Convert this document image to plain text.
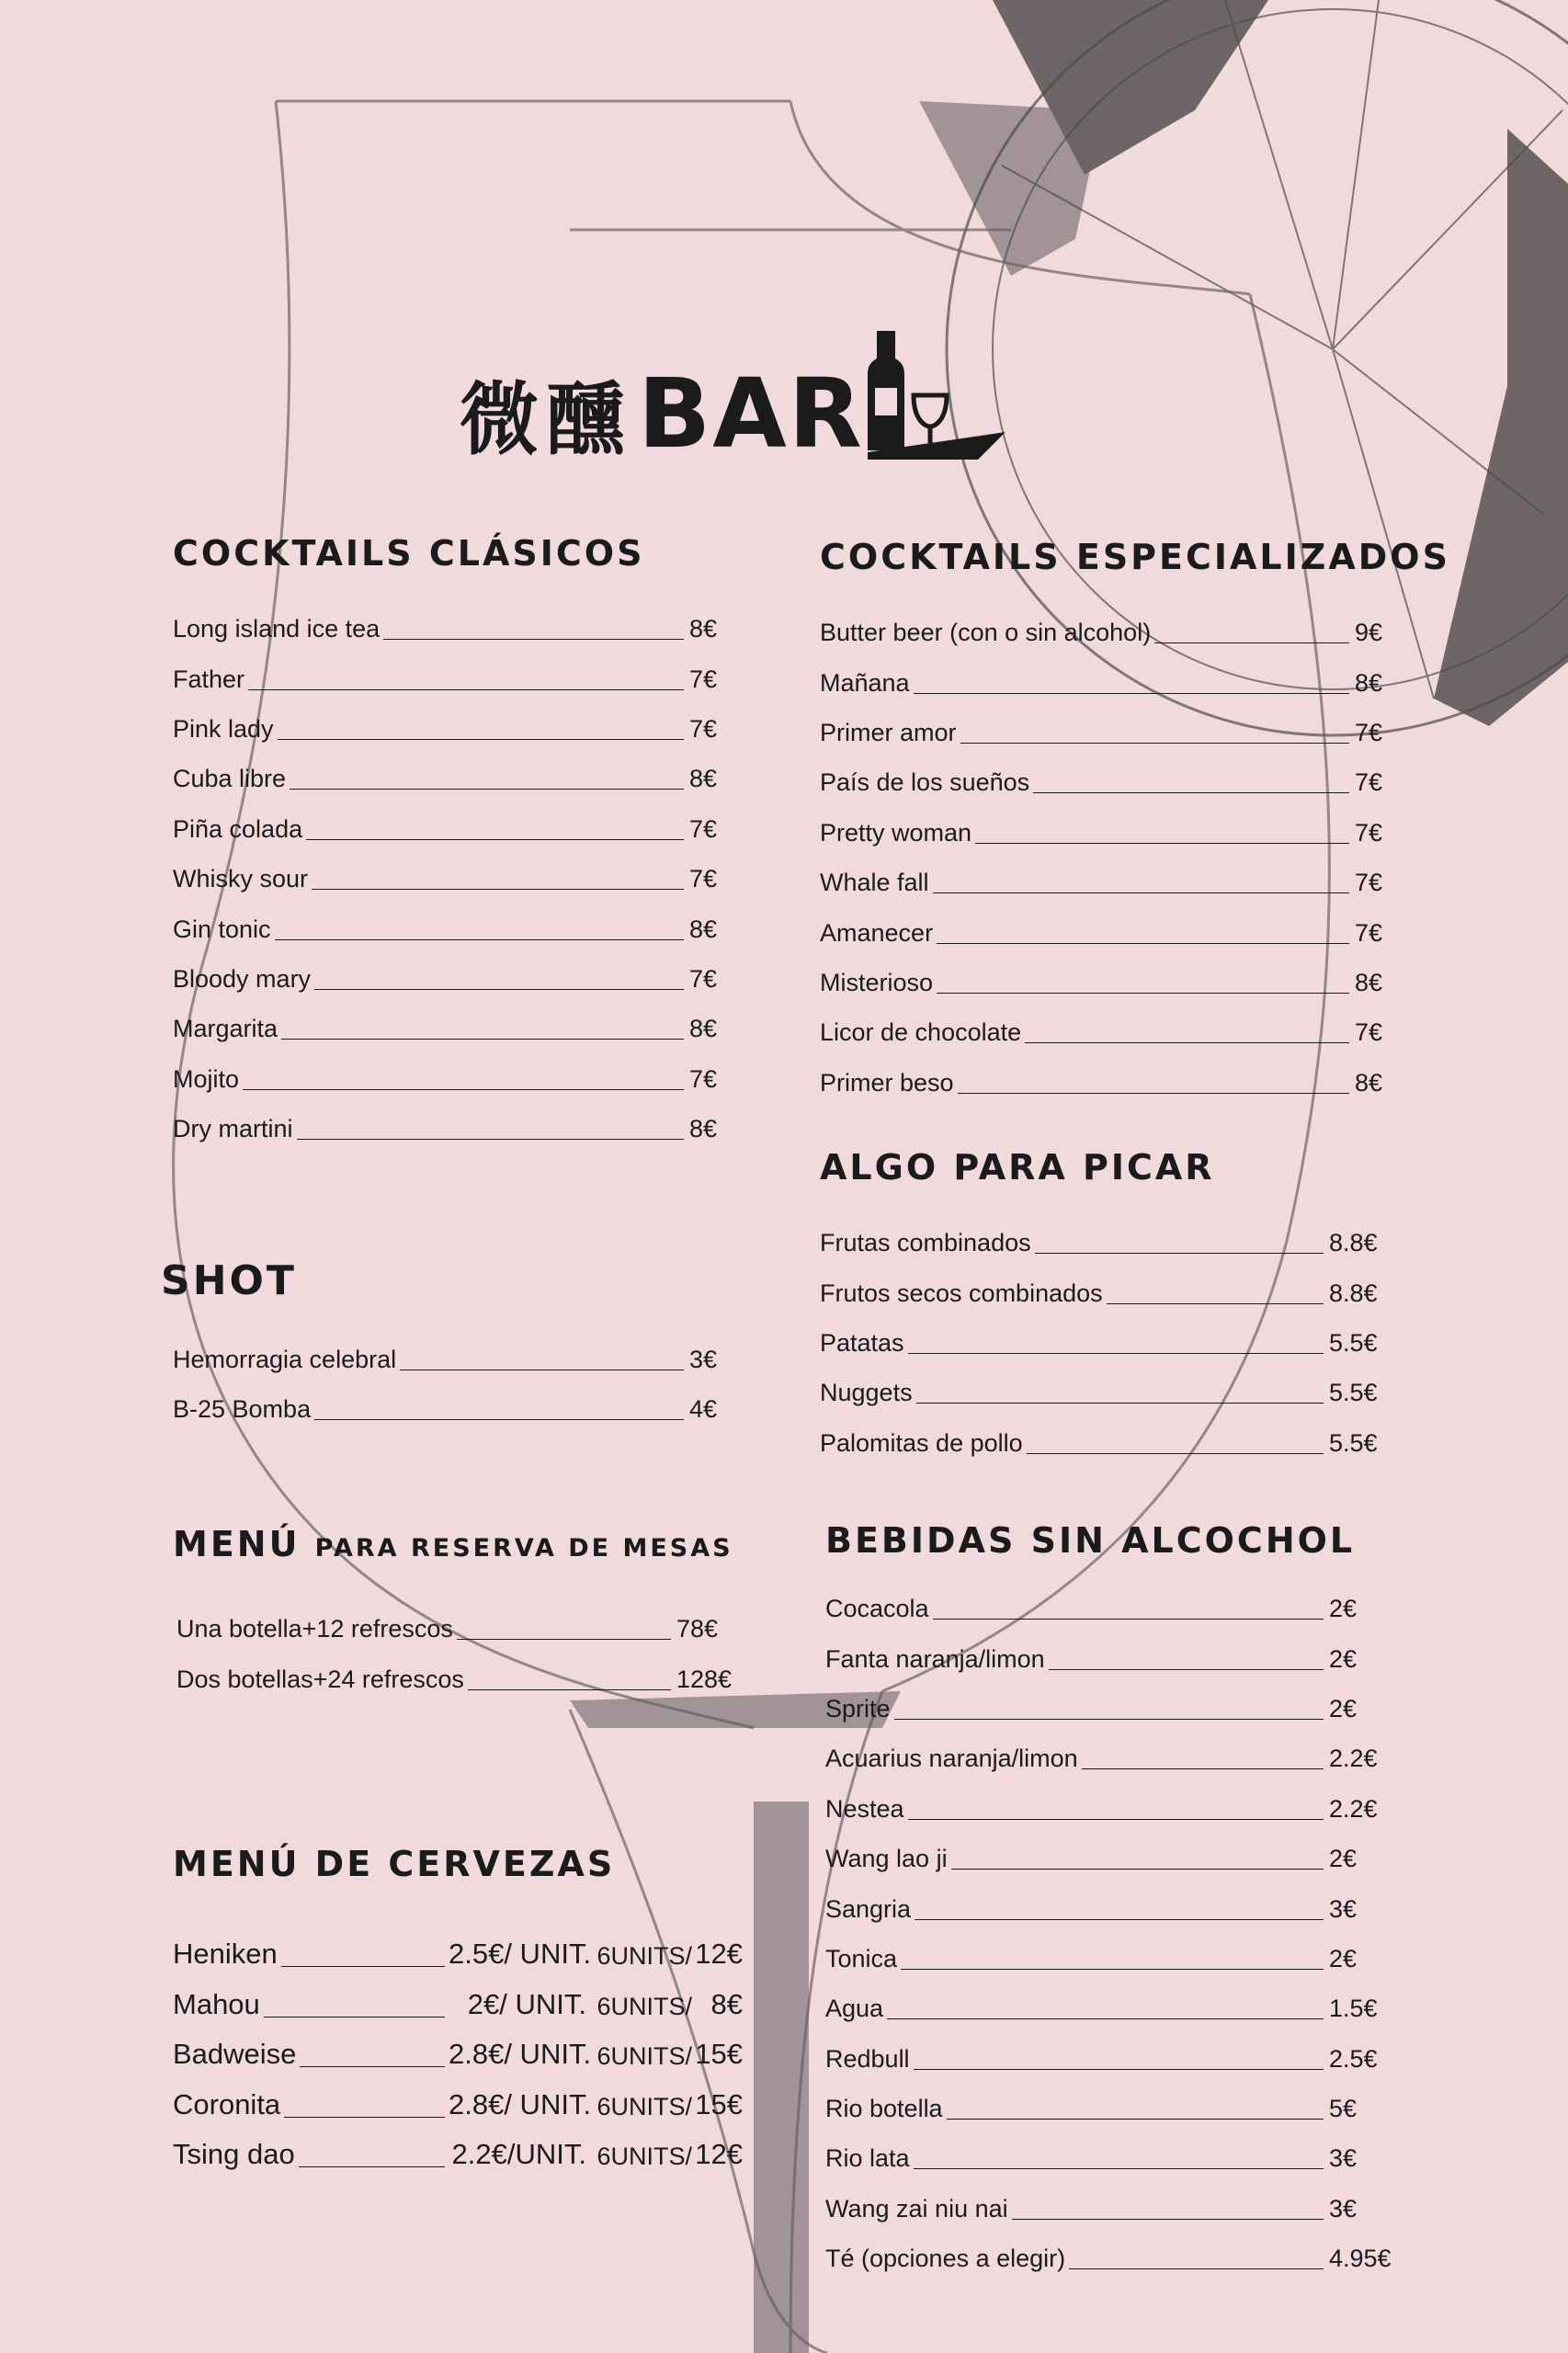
微醺 BAR
COCKTAILS CLÁSICOS
Long island ice tea	8€
Father	7€
Pink lady	7€
Cuba libre	8€
Piña colada	7€
Whisky sour	7€
Gin tonic	8€
Bloody mary	7€
Margarita	8€
Mojito	7€
Dry martini	8€
COCKTAILS ESPECIALIZADOS
Butter beer (con o sin alcohol)	9€
Mañana	8€
Primer amor	7€
País de los sueños	7€
Pretty woman	7€
Whale fall	7€
Amanecer	7€
Misterioso	8€
Licor de chocolate	7€
Primer beso	8€
SHOT
Hemorragia celebral	3€
B-25 Bomba	4€
ALGO PARA PICAR
Frutas combinados	8.8€
Frutos secos combinados	8.8€
Patatas	5.5€
Nuggets	5.5€
Palomitas de pollo	5.5€
MENÚ PARA RESERVA DE MESAS
Una botella+12 refrescos	78€
Dos botellas+24 refrescos	128€
BEBIDAS SIN ALCOCHOL
Cocacola	2€
Fanta naranja/limon	2€
Sprite	2€
Acuarius naranja/limon	2.2€
Nestea	2.2€
Wang lao ji	2€
Sangria	3€
Tonica	2€
Agua	1.5€
Redbull	2.5€
Rio botella	5€
Rio lata	3€
Wang zai niu nai	3€
Té (opciones a elegir)	4.95€
MENÚ DE CERVEZAS
Heniken	2.5€/ UNIT. 6UNITS/ 12€
Mahou	2€/ UNIT. 6UNITS/ 8€
Badweise	2.8€/ UNIT. 6UNITS/ 15€
Coronita	2.8€/ UNIT. 6UNITS/ 15€
Tsing dao	2.2€/UNIT. 6UNITS/ 12€
